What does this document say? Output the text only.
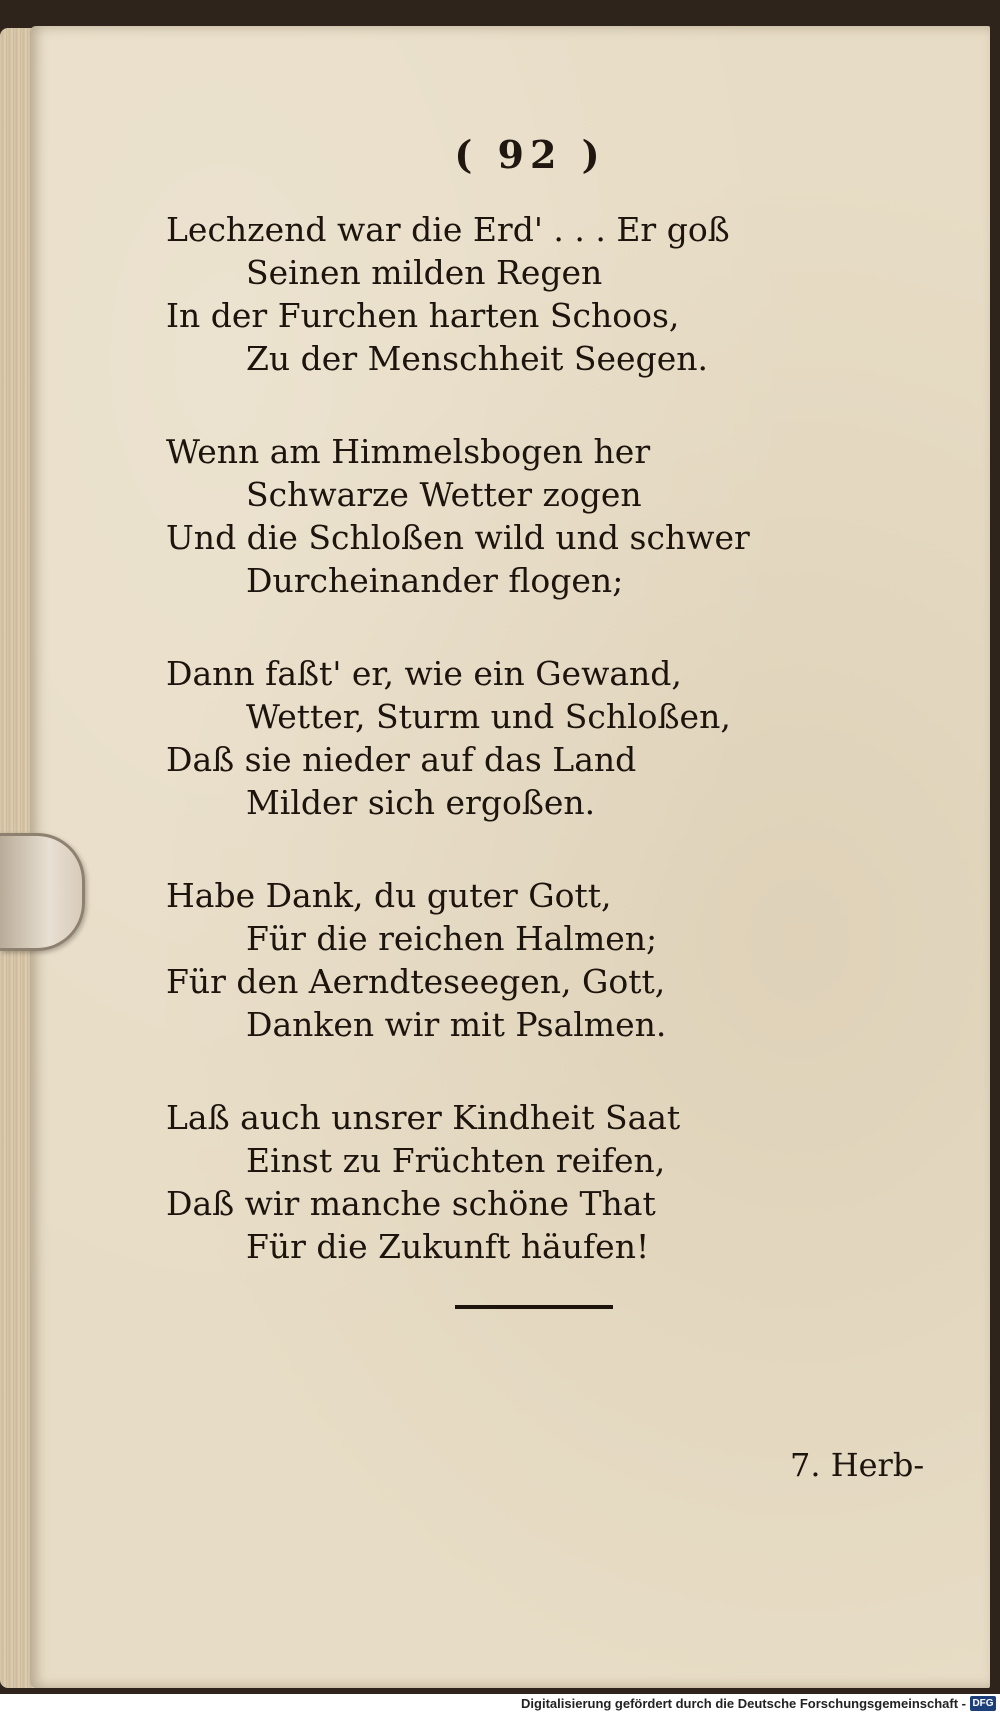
( 92 )
Lechzend war die Erd' . . . Er goß
Seinen milden Regen
In der Furchen harten Schoos,
Zu der Menschheit Seegen.
Wenn am Himmelsbogen her
Schwarze Wetter zogen
Und die Schloßen wild und schwer
Durcheinander flogen;
Dann faßt' er, wie ein Gewand,
Wetter, Sturm und Schloßen,
Daß sie nieder auf das Land
Milder sich ergoßen.
Habe Dank, du guter Gott,
Für die reichen Halmen;
Für den Aerndteseegen, Gott,
Danken wir mit Psalmen.
Laß auch unsrer Kindheit Saat
Einst zu Früchten reifen,
Daß wir manche schöne That
Für die Zukunft häufen!
7. Herb-
Digitalisierung gefördert durch die Deutsche Forschungsgemeinschaft - DFG
